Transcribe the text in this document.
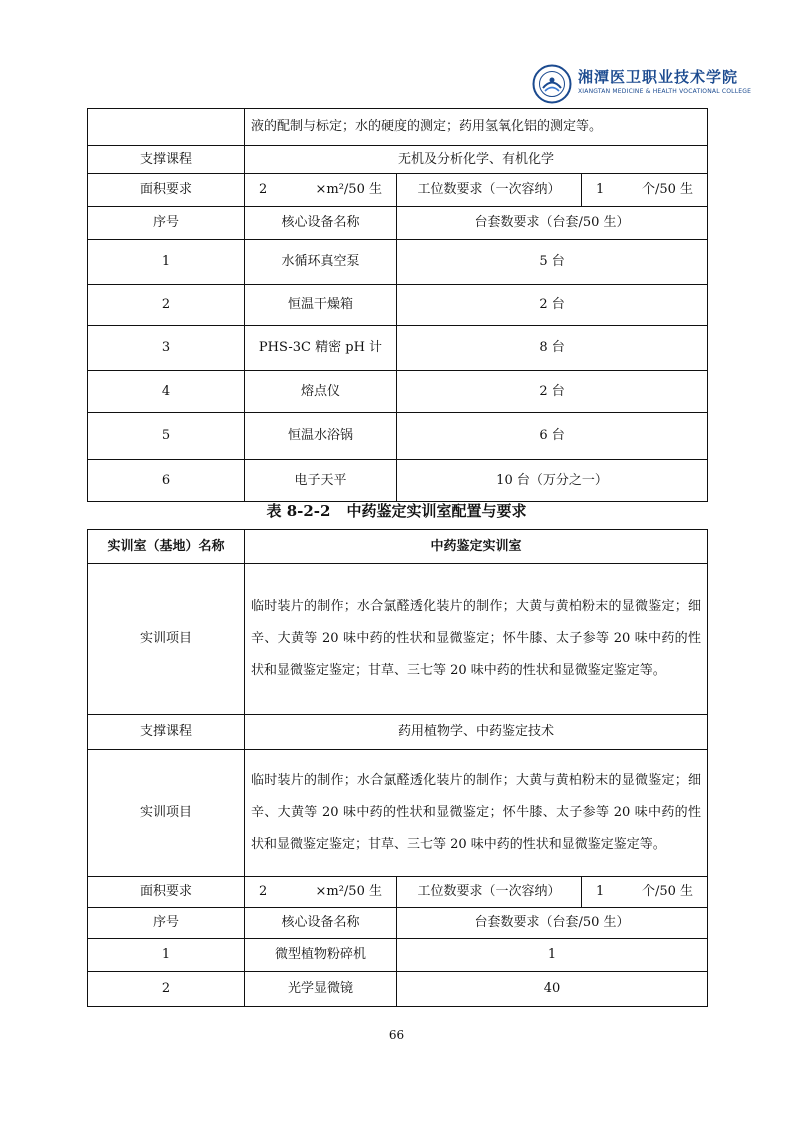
湘潭医卫职业技术学院
XIANGTAN MEDICINE & HEALTH VOCATIONAL COLLEGE
	液的配制与标定；水的硬度的测定；药用氢氧化铝的测定等。		
支撑课程	无机及分析化学、有机化学		
面积要求	2 ×m²/50 生	工位数要求（一次容纳）	1 个/50 生

序号	核心设备名称	台套数要求（台套/50 生）	
1	水循环真空泵	5 台	
2	恒温干燥箱	2 台	
3	PHS-3C 精密 pH 计	8 台	
4	熔点仪	2 台	
5	恒温水浴锅	6 台	
6	电子天平	10 台（万分之一）	
表 8-2-2 中药鉴定实训室配置与要求
实训室（基地）名称	中药鉴定实训室		
实训项目	临时装片的制作；水合氯醛透化装片的制作；大黄与黄柏粉末的显微鉴定；细辛、大黄等 20 味中药的性状和显微鉴定；怀牛膝、太子参等 20 味中药的性状和显微鉴定鉴定；甘草、三七等 20 味中药的性状和显微鉴定鉴定等。		
支撑课程	药用植物学、中药鉴定技术		
实训项目	临时装片的制作；水合氯醛透化装片的制作；大黄与黄柏粉末的显微鉴定；细辛、大黄等 20 味中药的性状和显微鉴定；怀牛膝、太子参等 20 味中药的性状和显微鉴定鉴定；甘草、三七等 20 味中药的性状和显微鉴定鉴定等。		
面积要求	2 ×m²/50 生	工位数要求（一次容纳）	1 个/50 生

序号	核心设备名称	台套数要求（台套/50 生）	
1	微型植物粉碎机	1	
2	光学显微镜	40	
66
